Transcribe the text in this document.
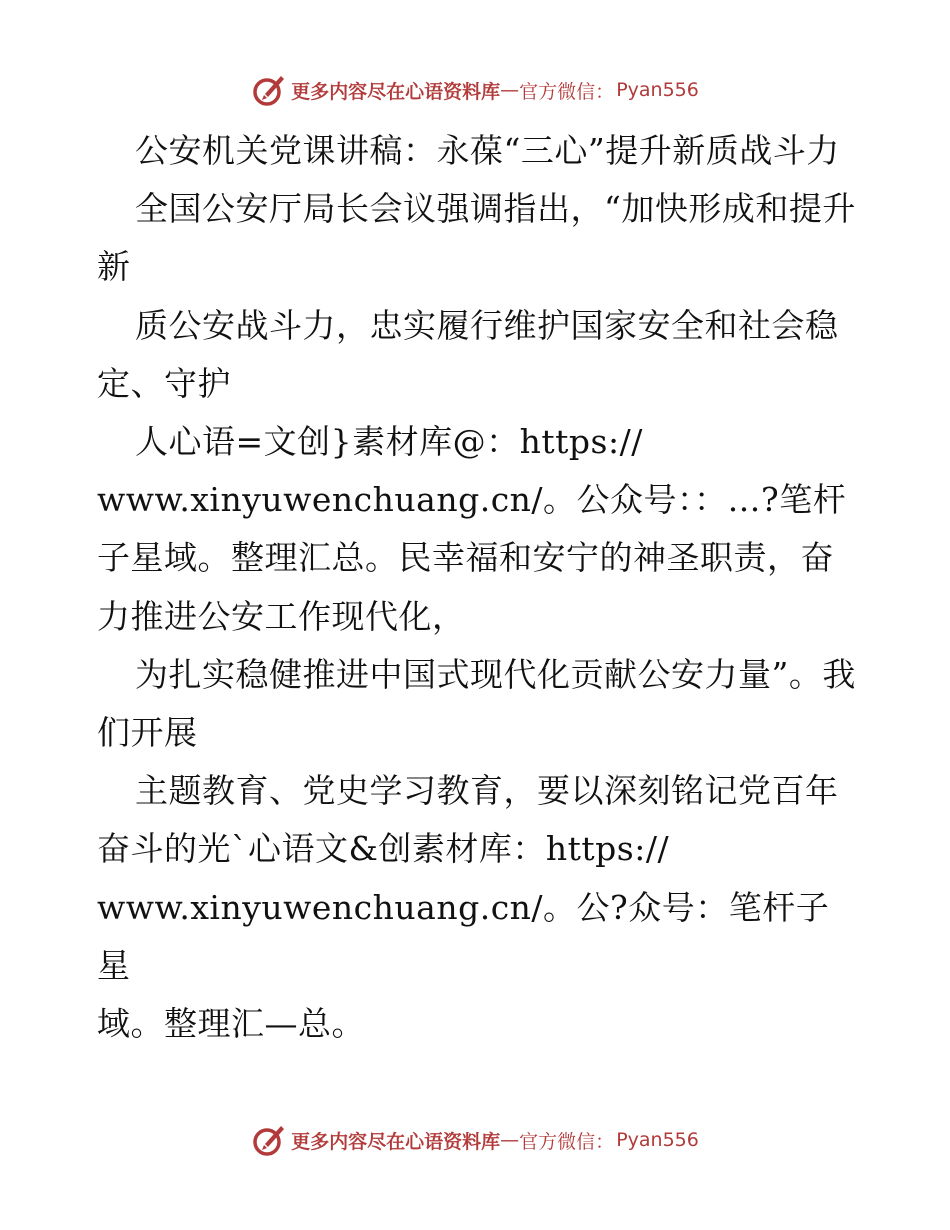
更多内容尽在心语资料库 — 官方微信： Pyan556

公安机关党课讲稿：永葆“三心”提升新质战斗力

全国公安厅局长会议强调指出，“加快形成和提升新

质公安战斗力，忠实履行维护国家安全和社会稳定、守护

人心语=文创}素材库@：https://

www.xinyuwenchuang.cn/。公众号：：…?笔杆子星域。整理汇总。民幸福和安宁的神圣职责，奋力推进公安工作现代化，

为扎实稳健推进中国式现代化贡献公安力量”。我们开展

主题教育、党史学习教育，要以深刻铭记党百年奋斗的光`心语文&创素材库：https://

www.xinyuwenchuang.cn/。公?众号：笔杆子星

域。整理汇—总。

更多内容尽在心语资料库 — 官方微信： Pyan556
